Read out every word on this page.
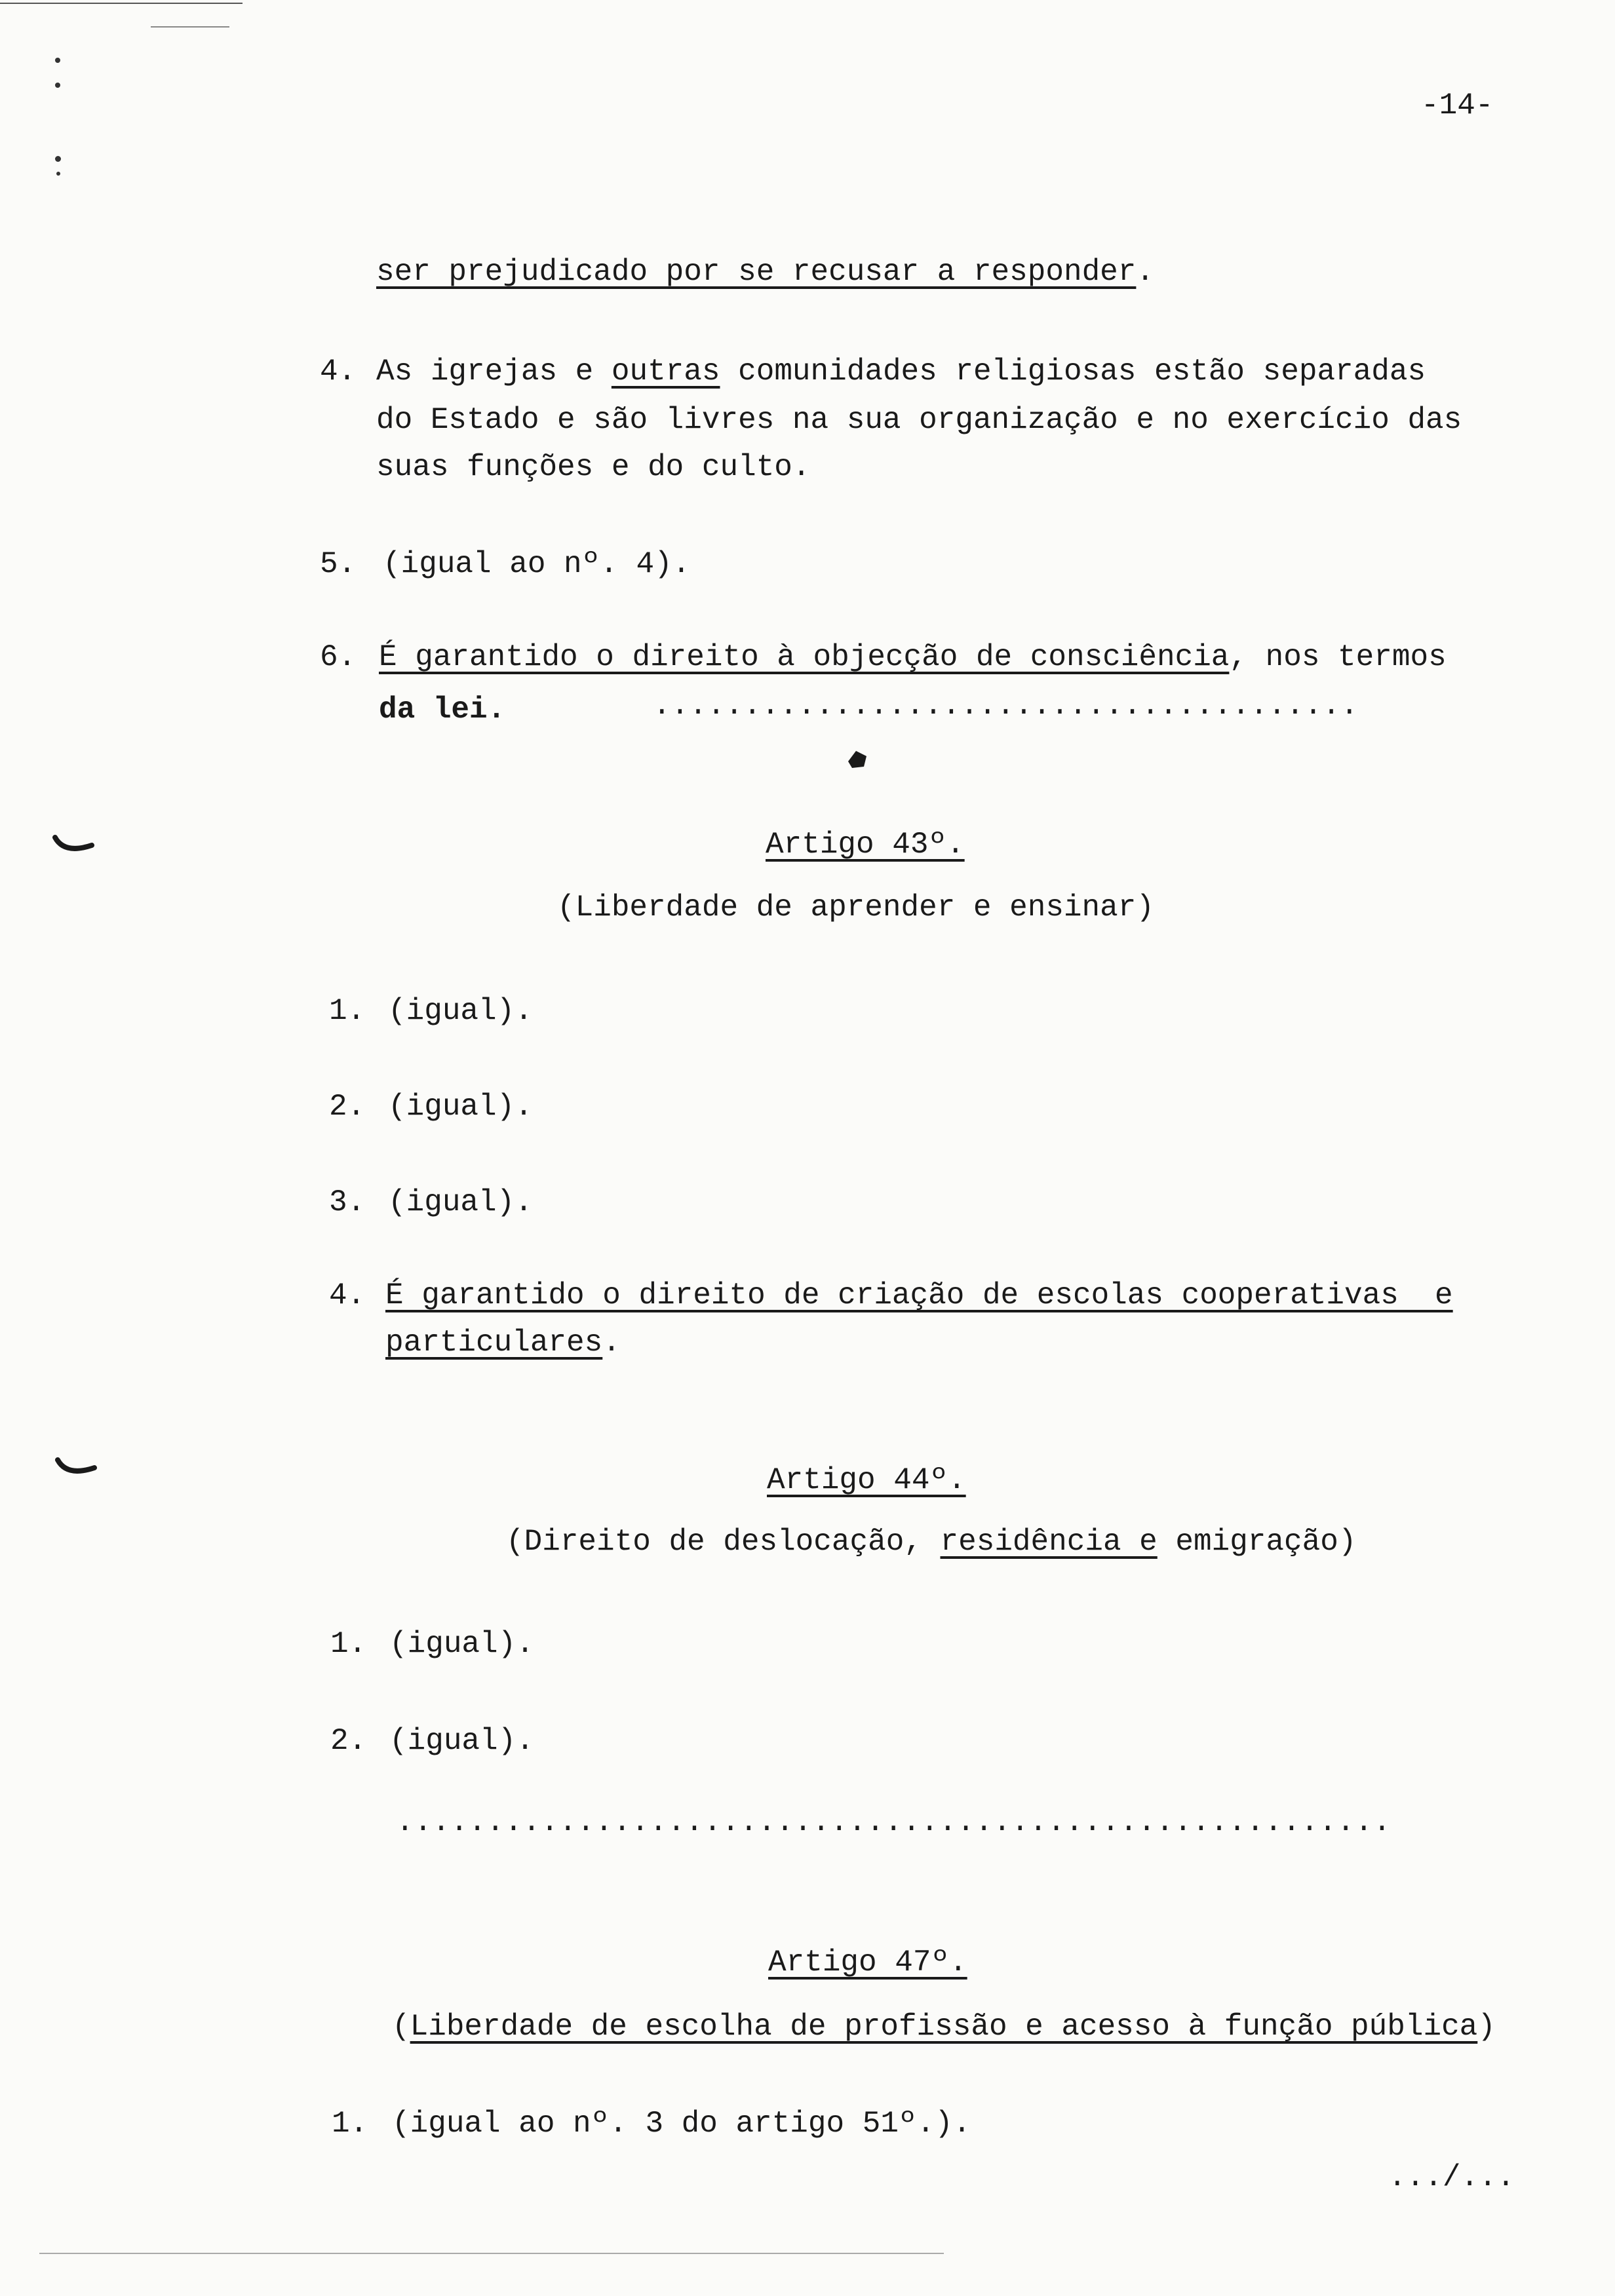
-14-
ser prejudicado por se recusar a responder.
4. As igrejas e outras comunidades religiosas estão separadas
do Estado e são livres na sua organização e no exercício das
suas funções e do culto.
5. (igual ao nº. 4).
6. É garantido o direito à objecção de consciência, nos termos
da lei.	.......................................
Artigo 43º.
(Liberdade de aprender e ensinar)
1. (igual).
2. (igual).
3. (igual).
4. É garantido o direito de criação de escolas cooperativas  e
particulares.
Artigo 44º.
(Direito de deslocação, residência e emigração)
1. (igual).
2. (igual).
.......................................................
Artigo 47º.
(Liberdade de escolha de profissão e acesso à função pública)
1. (igual ao nº. 3 do artigo 51º.).
.../...
